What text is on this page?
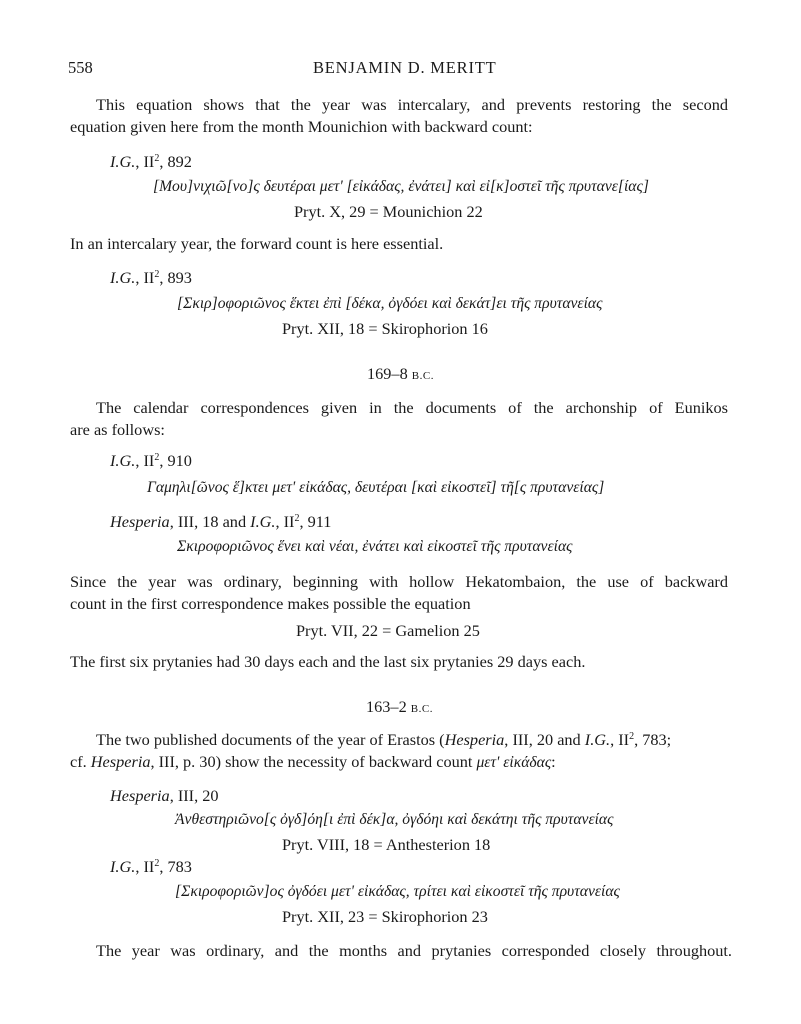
558	BENJAMIN D. MERITT
This equation shows that the year was intercalary, and prevents restoring the second
equation given here from the month Mounichion with backward count:
I.G., $II^2$, 892
[Μου]νιχιῶ[νο]ς δευτέραι μετ' [εἰκάδας, ἐνάτει] καὶ εἰ[κ]οστεῖ τῆς πρυτανε[ίας]
Pryt. X, 29 = Mounichion 22
In an intercalary year, the forward count is here essential.
I.G., $II^2$, 893
[Σκιρ]οφοριῶνος ἕκτει ἐπὶ [δέκα, ὀγδόει καὶ δεκάτ]ει τῆς πρυτανείας
Pryt. XII, 18 = Skirophorion 16
169–8 B.C.
The calendar correspondences given in the documents of the archonship of Eunikos
are as follows:
I.G., $II^2$, 910
Γαμηλι[ῶνος ἕ]κτει μετ' εἰκάδας, δευτέραι [καὶ εἰκοστεῖ] τῆ[ς πρυτανείας]
Hesperia, III, 18 and I.G., $II^2$, 911
Σκιροφοριῶνος ἕνει καὶ νέαι, ἐνάτει καὶ εἰκοστεῖ τῆς πρυτανείας
Since the year was ordinary, beginning with hollow Hekatombaion, the use of backward
count in the first correspondence makes possible the equation
Pryt. VII, 22 = Gamelion 25
The first six prytanies had 30 days each and the last six prytanies 29 days each.
163–2 B.C.
The two published documents of the year of Erastos (Hesperia, III, 20 and I.G., $II^2$, 783;
cf. Hesperia, III, p. 30) show the necessity of backward count μετ' εἰκάδας:
Hesperia, III, 20
Ἀνθεστηριῶνο[ς ὀγδ]όη[ι ἐπὶ δέκ]α, ὀγδόηι καὶ δεκάτηι τῆς πρυτανείας
Pryt. VIII, 18 = Anthesterion 18
I.G., $II^2$, 783
[Σκιροφοριῶν]ος ὀγδόει μετ' εἰκάδας, τρίτει καὶ εἰκοστεῖ τῆς πρυτανείας
Pryt. XII, 23 = Skirophorion 23
The year was ordinary, and the months and prytanies corresponded closely throughout.
